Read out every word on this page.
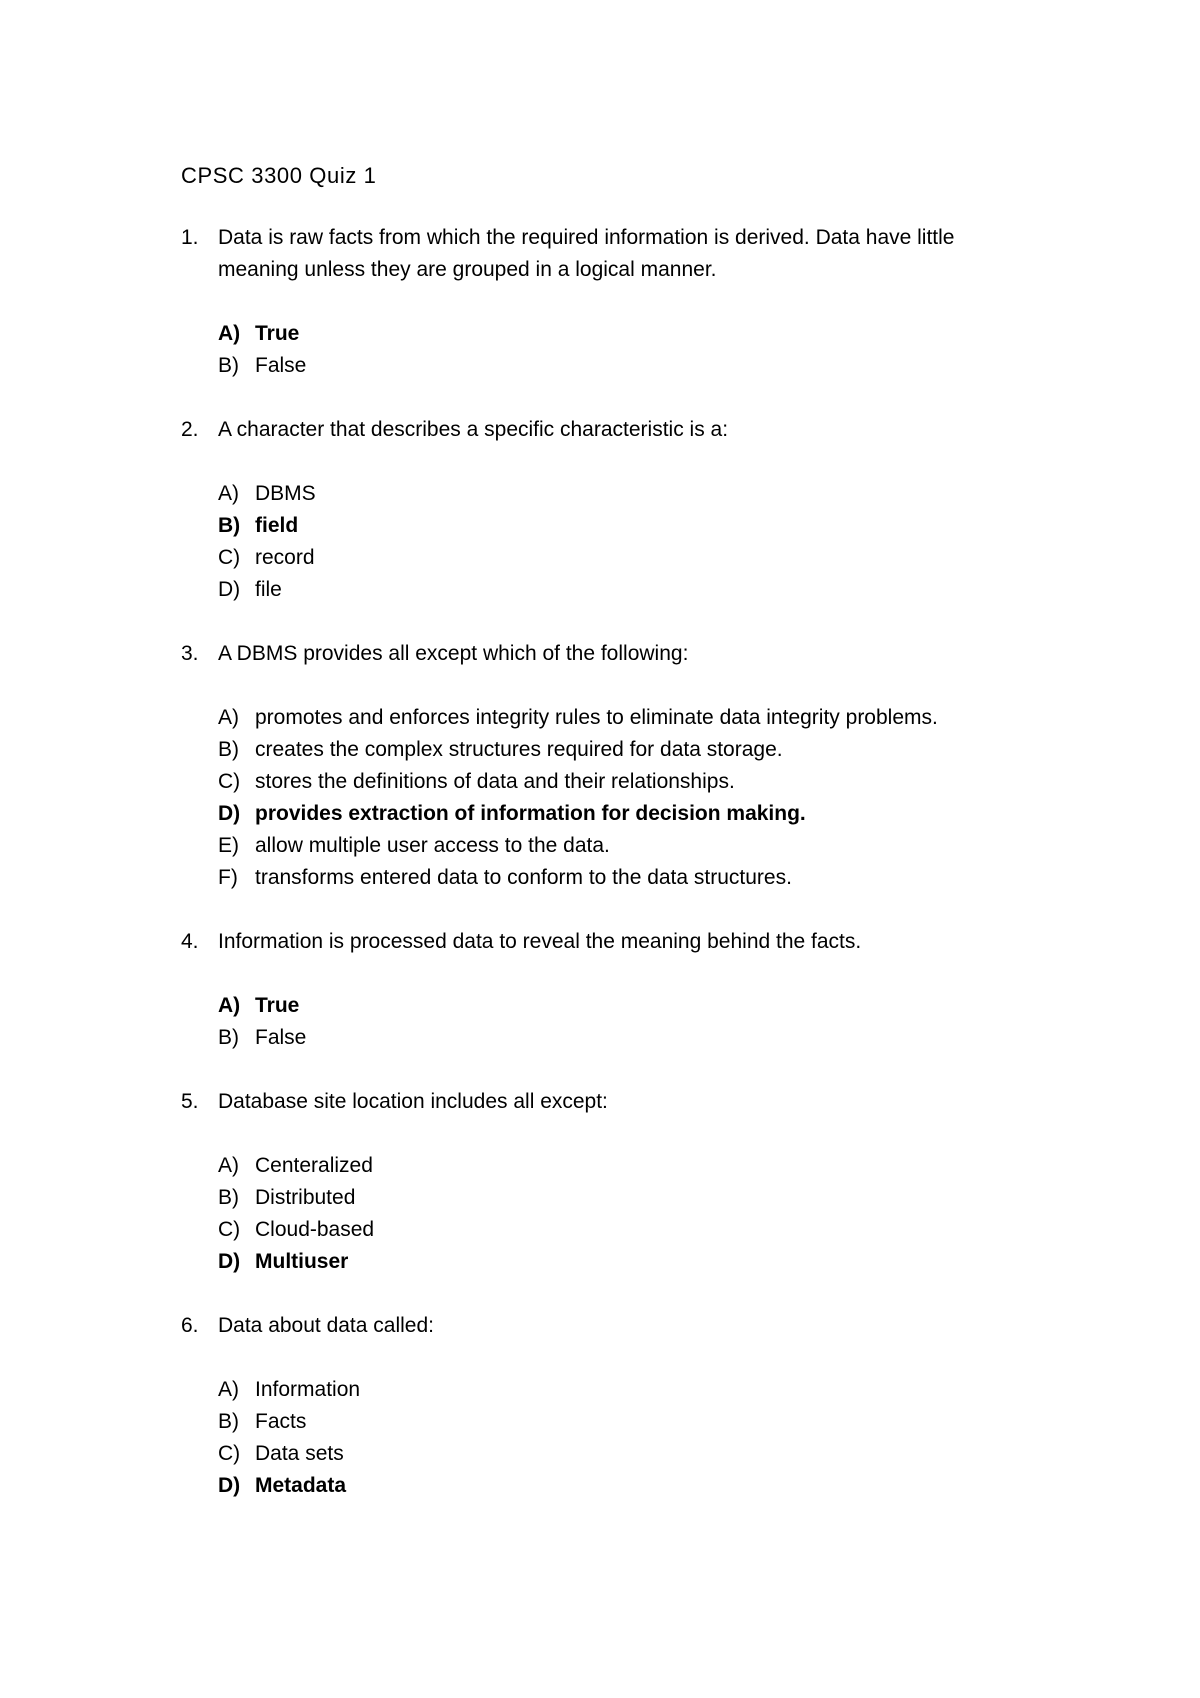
CPSC 3300 Quiz 1
1. Data is raw facts from which the required information is derived. Data have little meaning unless they are grouped in a logical manner.
A) True
B) False
2. A character that describes a specific characteristic is a:
A) DBMS
B) field
C) record
D) file
3. A DBMS provides all except which of the following:
A) promotes and enforces integrity rules to eliminate data integrity problems.
B) creates the complex structures required for data storage.
C) stores the definitions of data and their relationships.
D) provides extraction of information for decision making.
E) allow multiple user access to the data.
F) transforms entered data to conform to the data structures.
4. Information is processed data to reveal the meaning behind the facts.
A) True
B) False
5. Database site location includes all except:
A) Centeralized
B) Distributed
C) Cloud-based
D) Multiuser
6. Data about data called:
A) Information
B) Facts
C) Data sets
D) Metadata
